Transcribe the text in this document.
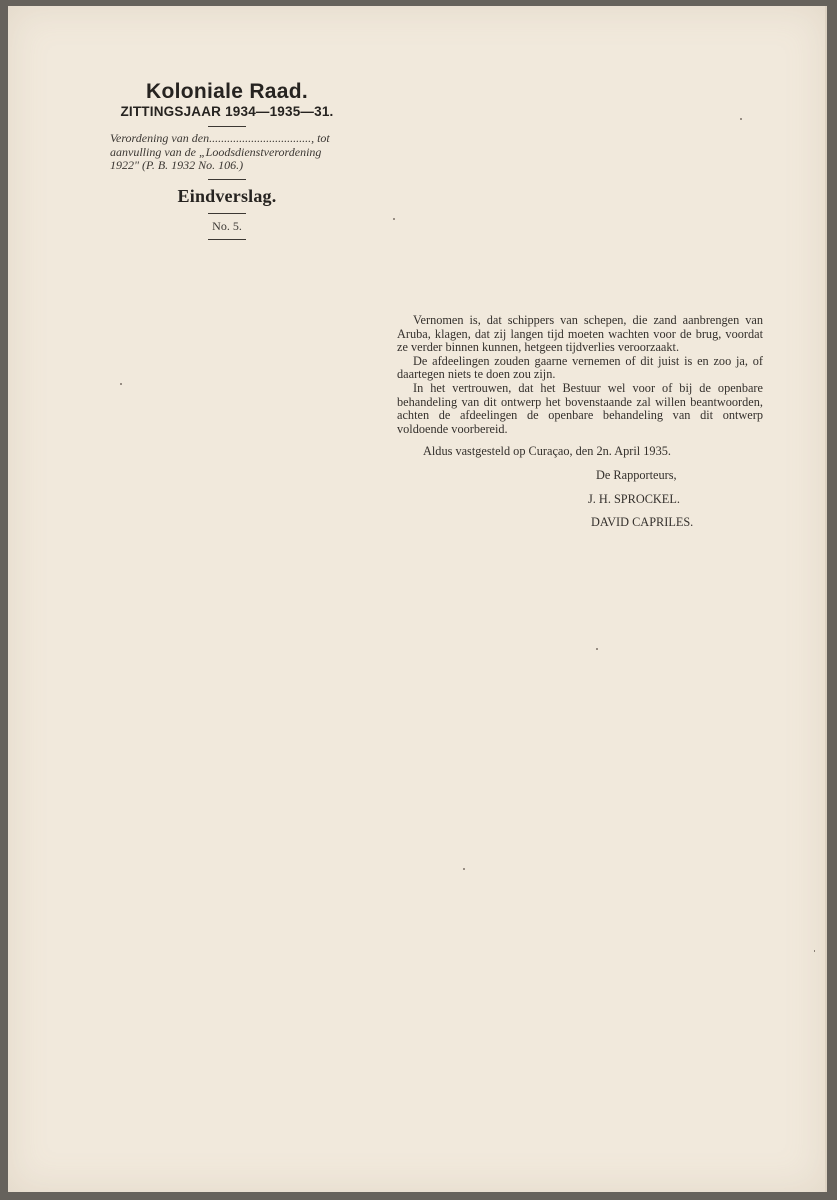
Koloniale Raad.
ZITTINGSJAAR 1934—1935—31.
Verordening van den.................................., tot aanvulling van de „Loodsdienstverordening 1922" (P. B. 1932 No. 106.)
Eindverslag.
No. 5.

Vernomen is, dat schippers van schepen, die zand aanbrengen van Aruba, klagen, dat zij langen tijd moeten wachten voor de brug, voordat ze verder binnen kunnen, hetgeen tijdverlies veroorzaakt.

De afdeelingen zouden gaarne vernemen of dit juist is en zoo ja, of daartegen niets te doen zou zijn.

In het vertrouwen, dat het Bestuur wel voor of bij de openbare behandeling van dit ontwerp het bovenstaande zal willen beantwoorden, achten de afdeelingen de openbare behandeling van dit ontwerp voldoende voorbereid.

Aldus vastgesteld op Curaçao, den 2n. April 1935.

De Rapporteurs,

J. H. SPROCKEL.

DAVID CAPRILES.
